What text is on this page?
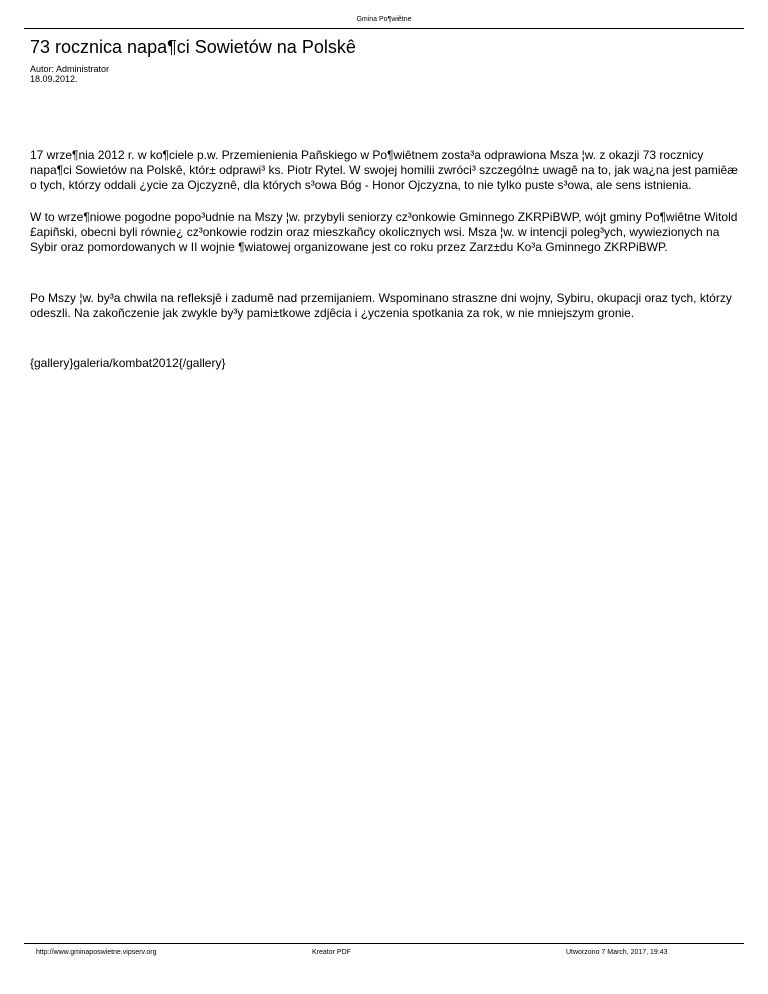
Gmina Po¶wiêtne
73 rocznica napa¶ci Sowietów na Polskê
Autor: Administrator
18.09.2012.

17 wrze¶nia 2012 r. w ko¶ciele p.w. Przemienienia Pañskiego w Po¶wiêtnem zosta³a odprawiona Msza ¦w. z okazji 73 rocznicy napa¶ci Sowietów na Polskê, któr± odprawi³ ks. Piotr Rytel. W swojej homilii zwróci³ szczególn± uwagê na to, jak wa¿na jest pamiêæ o tych, którzy oddali ¿ycie za Ojczyznê, dla których s³owa Bóg - Honor Ojczyzna, to nie tylko puste s³owa, ale sens istnienia.

W to wrze¶niowe pogodne popo³udnie na Mszy ¦w. przybyli seniorzy cz³onkowie Gminnego ZKRPiBWP, wójt gminy Po¶wiêtne Witold £apiñski, obecni byli równie¿ cz³onkowie rodzin oraz mieszkañcy okolicznych wsi. Msza ¦w. w intencji poleg³ych, wywiezionych na Sybir oraz pomordowanych w II wojnie ¶wiatowej organizowane jest co roku przez Zarz±du Ko³a Gminnego ZKRPiBWP.

Po Mszy ¦w. by³a chwila na refleksjê i zadumê nad przemijaniem. Wspominano straszne dni wojny, Sybiru, okupacji oraz tych, którzy odeszli. Na zakoñczenie jak zwykle by³y pami±tkowe zdjêcia i ¿yczenia spotkania za rok, w nie mniejszym gronie.

{gallery}galeria/kombat2012{/gallery}

http://www.gminaposwietne.vipserv.org	Kreator PDF	Utworzono 7 March, 2017, 19:43
